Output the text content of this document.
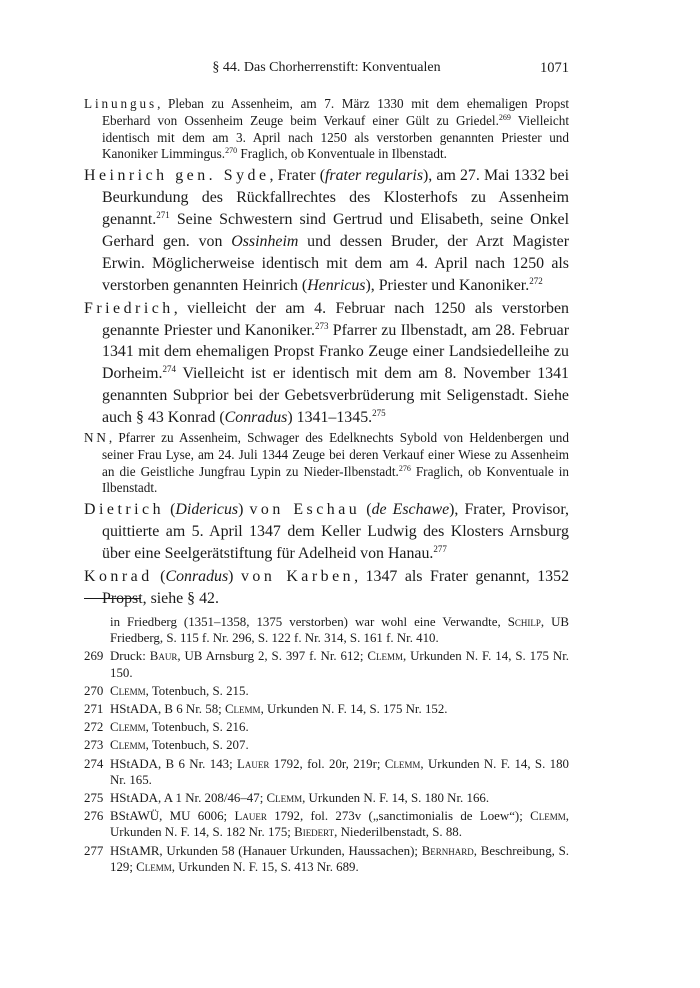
§ 44. Das Chorherrenstift: Konventualen	1071

Linungus, Pleban zu Assenheim, am 7. März 1330 mit dem ehemaligen Propst Eberhard von Ossenheim Zeuge beim Verkauf einer Gült zu Griedel.$^{269}$ Vielleicht identisch mit dem am 3. April nach 1250 als verstorben genannten Priester und Kanoniker Limmingus.$^{270}$ Fraglich, ob Konventuale in Ilbenstadt.

Heinrich gen. Syde, Frater (frater regularis), am 27. Mai 1332 bei Beurkundung des Rückfallrechtes des Klosterhofs zu Assenheim genannt.$^{271}$ Seine Schwestern sind Gertrud und Elisabeth, seine Onkel Gerhard gen. von Ossinheim und dessen Bruder, der Arzt Magister Erwin. Möglicherweise identisch mit dem am 4. April nach 1250 als verstorben genannten Heinrich (Henricus), Priester und Kanoniker.$^{272}$

Friedrich, vielleicht der am 4. Februar nach 1250 als verstorben genannte Priester und Kanoniker.$^{273}$ Pfarrer zu Ilbenstadt, am 28. Februar 1341 mit dem ehemaligen Propst Franko Zeuge einer Landsiedelleihe zu Dorheim.$^{274}$ Vielleicht ist er identisch mit dem am 8. November 1341 genannten Subprior bei der Gebetsverbrüderung mit Seligenstadt. Siehe auch § 43 Konrad (Conradus) 1341–1345.$^{275}$

NN, Pfarrer zu Assenheim, Schwager des Edelknechts Sybold von Heldenbergen und seiner Frau Lyse, am 24. Juli 1344 Zeuge bei deren Verkauf einer Wiese zu Assenheim an die Geistliche Jungfrau Lypin zu Nieder-Ilbenstadt.$^{276}$ Fraglich, ob Konventuale in Ilbenstadt.

Dietrich (Didericus) von Eschau (de Eschawe), Frater, Provisor, quittierte am 5. April 1347 dem Keller Ludwig des Klosters Arnsburg über eine Seelgerätstiftung für Adelheid von Hanau.$^{277}$

Konrad (Conradus) von Karben, 1347 als Frater genannt, 1352 Propst, siehe § 42.

in Friedberg (1351–1358, 1375 verstorben) war wohl eine Verwandte, Schilp, UB Friedberg, S. 115 f. Nr. 296, S. 122 f. Nr. 314, S. 161 f. Nr. 410.

269 Druck: Baur, UB Arnsburg 2, S. 397 f. Nr. 612; Clemm, Urkunden N. F. 14, S. 175 Nr. 150.

270 Clemm, Totenbuch, S. 215.

271 HStADA, B 6 Nr. 58; Clemm, Urkunden N. F. 14, S. 175 Nr. 152.

272 Clemm, Totenbuch, S. 216.

273 Clemm, Totenbuch, S. 207.

274 HStADA, B 6 Nr. 143; Lauer 1792, fol. 20r, 219r; Clemm, Urkunden N. F. 14, S. 180 Nr. 165.

275 HStADA, A 1 Nr. 208/46–47; Clemm, Urkunden N. F. 14, S. 180 Nr. 166.

276 BStAWÜ, MU 6006; Lauer 1792, fol. 273v („sanctimonialis de Loew“); Clemm, Urkunden N. F. 14, S. 182 Nr. 175; Biedert, Niederilbenstadt, S. 88.

277 HStAMR, Urkunden 58 (Hanauer Urkunden, Haussachen); Bernhard, Beschreibung, S. 129; Clemm, Urkunden N. F. 15, S. 413 Nr. 689.
